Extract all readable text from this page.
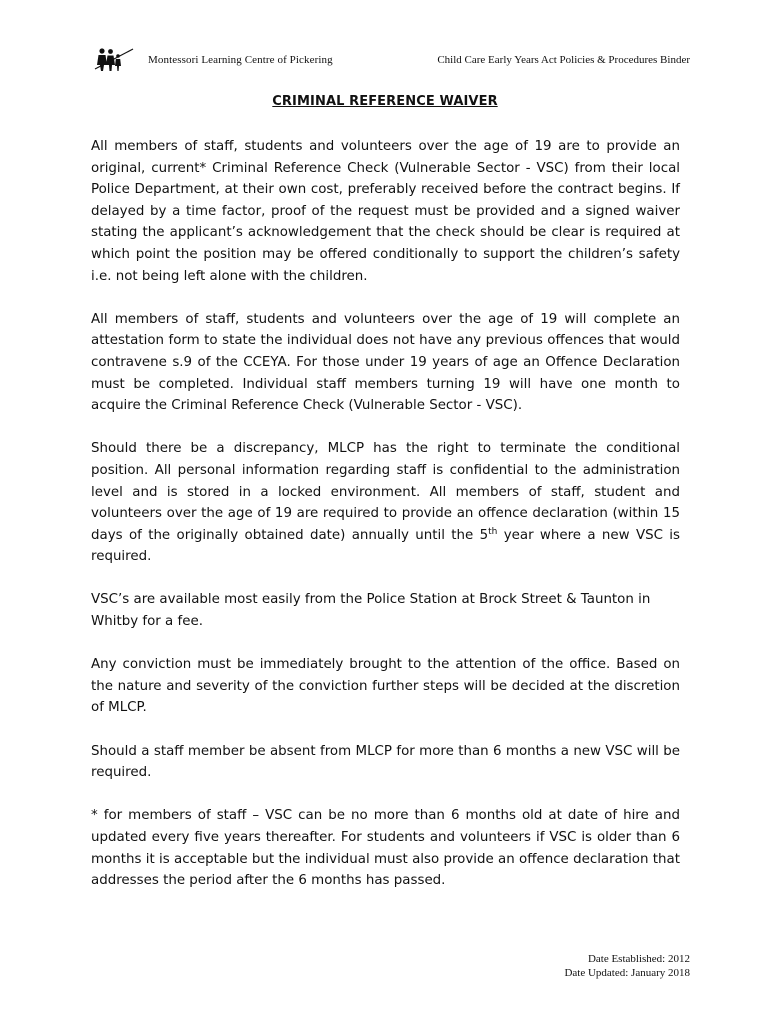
Montessori Learning Centre of Pickering	Child Care Early Years Act Policies & Procedures Binder
CRIMINAL REFERENCE WAIVER

All members of staff, students and volunteers over the age of 19 are to provide an original, current* Criminal Reference Check (Vulnerable Sector - VSC) from their local Police Department, at their own cost, preferably received before the contract begins. If delayed by a time factor, proof of the request must be provided and a signed waiver stating the applicant’s acknowledgement that the check should be clear is required at which point the position may be offered conditionally to support the children’s safety i.e. not being left alone with the children.

All members of staff, students and volunteers over the age of 19 will complete an attestation form to state the individual does not have any previous offences that would contravene s.9 of the CCEYA. For those under 19 years of age an Offence Declaration must be completed. Individual staff members turning 19 will have one month to acquire the Criminal Reference Check (Vulnerable Sector - VSC).

Should there be a discrepancy, MLCP has the right to terminate the conditional position. All personal information regarding staff is confidential to the administration level and is stored in a locked environment. All members of staff, student and volunteers over the age of 19 are required to provide an offence declaration (within 15 days of the originally obtained date) annually until the 5th year where a new VSC is required.

VSC’s are available most easily from the Police Station at Brock Street & Taunton in Whitby for a fee.

Any conviction must be immediately brought to the attention of the office. Based on the nature and severity of the conviction further steps will be decided at the discretion of MLCP.

Should a staff member be absent from MLCP for more than 6 months a new VSC will be required.

* for members of staff – VSC can be no more than 6 months old at date of hire and updated every five years thereafter. For students and volunteers if VSC is older than 6 months it is acceptable but the individual must also provide an offence declaration that addresses the period after the 6 months has passed.

Date Established: 2012
Date Updated: January 2018
